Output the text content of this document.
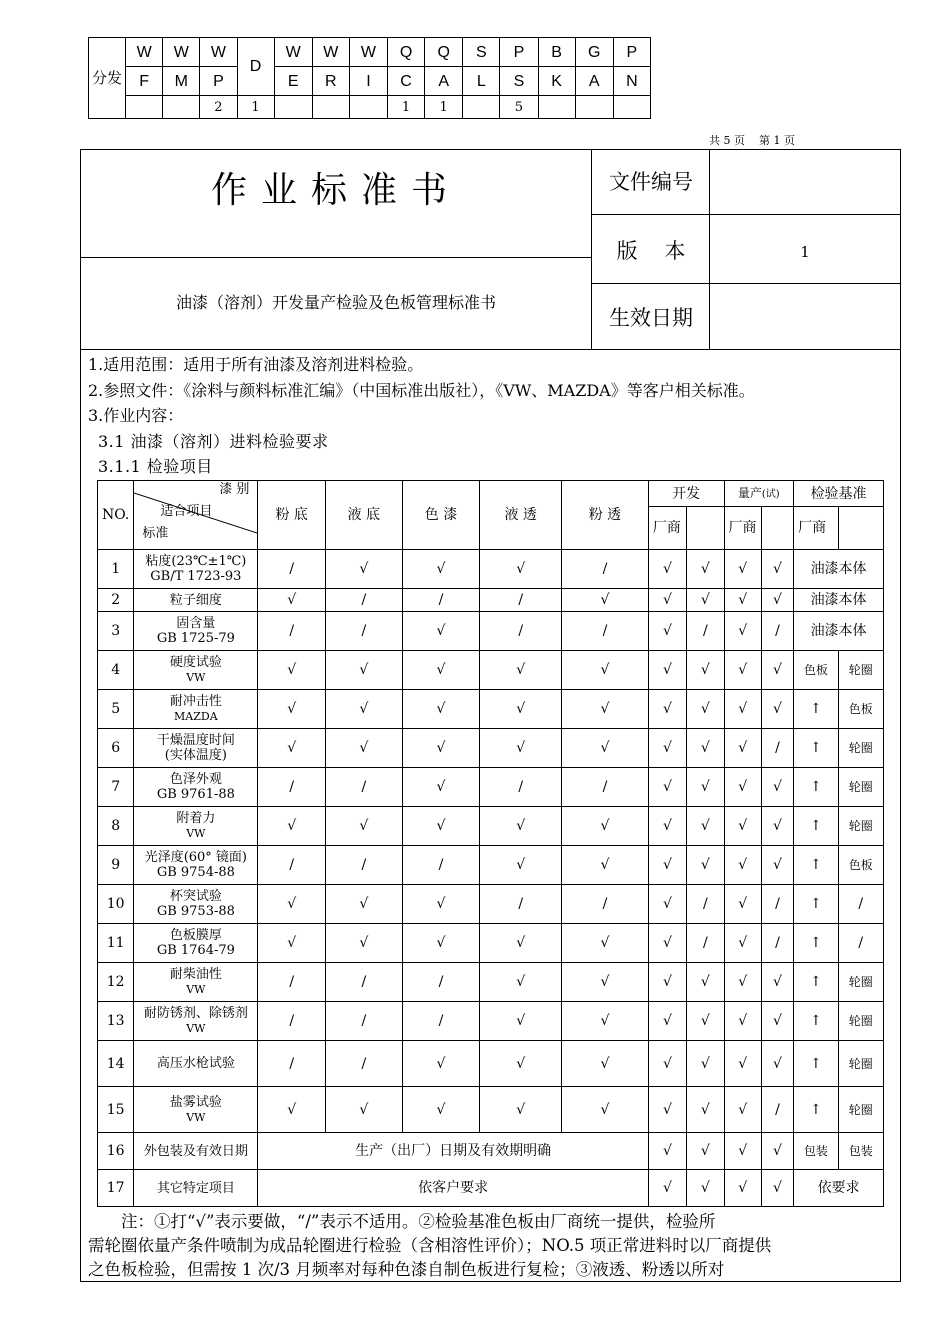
分发	W	W	W	D	W	W	W	Q	Q	S	P	B	G	P

	F	M	P		E	R	I	C	A	L	S	K	A	N
			2	1				1	1		5			
共 5 页    第 1 页
作业标准书
油漆（溶剂）开发量产检验及色板管理标准书
文件编号
版    本	1
生效日期
1.适用范围：适用于所有油漆及溶剂进料检验。
2.参照文件：《涂料与颜料标准汇编》（中国标准出版社），《VW、MAZDA》等客户相关标准。
3.作业内容：
3.1 油漆（溶剂）进料检验要求
3.1.1 检验项目
NO.	漆 别
适合项目
标准	粉 底	液 底	色 漆	液 透	粉 透	开发		量产(试)		检验基准	
							厂商		厂商		厂商	
1	粘度(23℃±1℃)
GB/T 1723-93	/	√	√	√	/	√	√	√	√	油漆本体	
2	粒子细度	√	/	/	/	√	√	√	√	√	油漆本体	
3	固含量
GB 1725-79	/	/	√	/	/	√	/	√	/	油漆本体	
4	硬度试验
VW	√	√	√	√	√	√	√	√	√	色板	轮圈
5	耐冲击性
MAZDA	√	√	√	√	√	√	√	√	√	↑	色板
6	干燥温度时间
(实体温度)	√	√	√	√	√	√	√	√	/	↑	轮圈
7	色泽外观
GB 9761-88	/	/	√	/	/	√	√	√	√	↑	轮圈
8	附着力
VW	√	√	√	√	√	√	√	√	√	↑	轮圈
9	光泽度(60° 镜面)
GB 9754-88	/	/	/	√	√	√	√	√	√	↑	色板
10	杯突试验
GB 9753-88	√	√	√	/	/	√	/	√	/	↑	/
11	色板膜厚
GB 1764-79	√	√	√	√	√	√	/	√	/	↑	/
12	耐柴油性
VW	/	/	/	√	√	√	√	√	√	↑	轮圈
13	耐防锈剂、除锈剂
VW	/	/	/	√	√	√	√	√	√	↑	轮圈
14	高压水枪试验	/	/	√	√	√	√	√	√	√	↑	轮圈
15	盐雾试验
VW	√	√	√	√	√	√	√	√	/	↑	轮圈
16	外包装及有效日期	生产（出厂）日期及有效期明确					√	√	√	√	包装	包装
17	其它特定项目	依客户要求					√	√	√	√	依要求	

注：①打“√”表示要做，“/”表示不适用。②检验基准色板由厂商统一提供，检验所

需轮圈依量产条件喷制为成品轮圈进行检验（含相溶性评价）；NO.5 项正常进料时以厂商提供

之色板检验，但需按 1 次/3 月频率对每种色漆自制色板进行复检；③液透、粉透以所对
